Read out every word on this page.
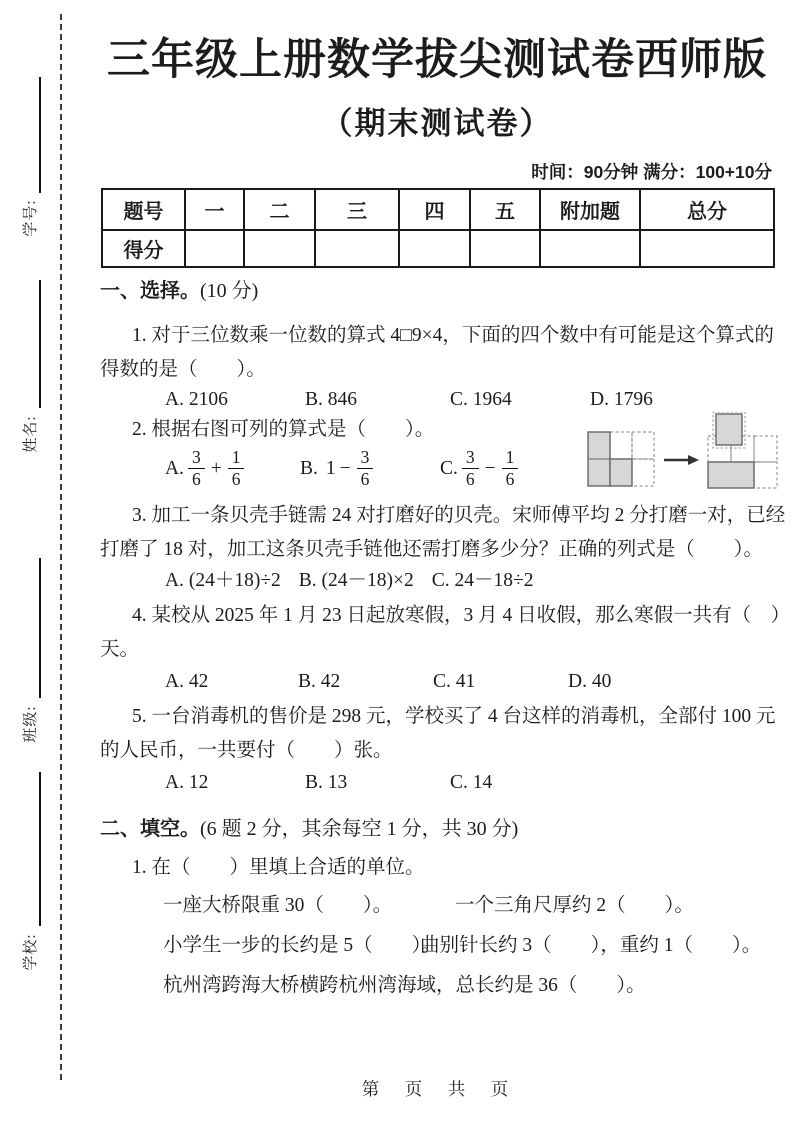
学号:
姓名:
班级:
学校:
三年级上册数学拔尖测试卷西师版
（期末测试卷）
时间：90分钟 满分：100+10分
题号	一	二	三	四	五	附加题	总分
得分							
一、选择。(10 分)
1. 对于三位数乘一位数的算式 4□9×4，下面的四个数中有可能是这个算式的
得数的是（　　）。
A. 2106	B. 846	C. 1964	D. 1796
2. 根据右图可列的算式是（　　）。
A. $\frac{3}{6} + \frac{1}{6}$	B. $1 - \frac{3}{6}$	C. $\frac{3}{6} - \frac{1}{6}$
3. 加工一条贝壳手链需 24 对打磨好的贝壳。宋师傅平均 2 分打磨一对，已经
打磨了 18 对，加工这条贝壳手链他还需打磨多少分？正确的列式是（　　）。
A. (24＋18)÷2 B. (24－18)×2 C. 24－18÷2
4. 某校从 2025 年 1 月 23 日起放寒假，3 月 4 日收假，那么寒假一共有（　）
天。
A. 42	B. 42	C. 41	D. 40
5. 一台消毒机的售价是 298 元，学校买了 4 台这样的消毒机，全部付 100 元
的人民币，一共要付（　　）张。
A. 12	B. 13	C. 14
二、填空。(6 题 2 分，其余每空 1 分，共 30 分)
1. 在（　　）里填上合适的单位。
一座大桥限重 30（　　）。	一个三角尺厚约 2（　　）。
小学生一步的长约是 5（　　）。
曲别针长约 3（　　），重约 1（　　）。
杭州湾跨海大桥横跨杭州湾海域，总长约是 36（　　）。
第　页　共　页
